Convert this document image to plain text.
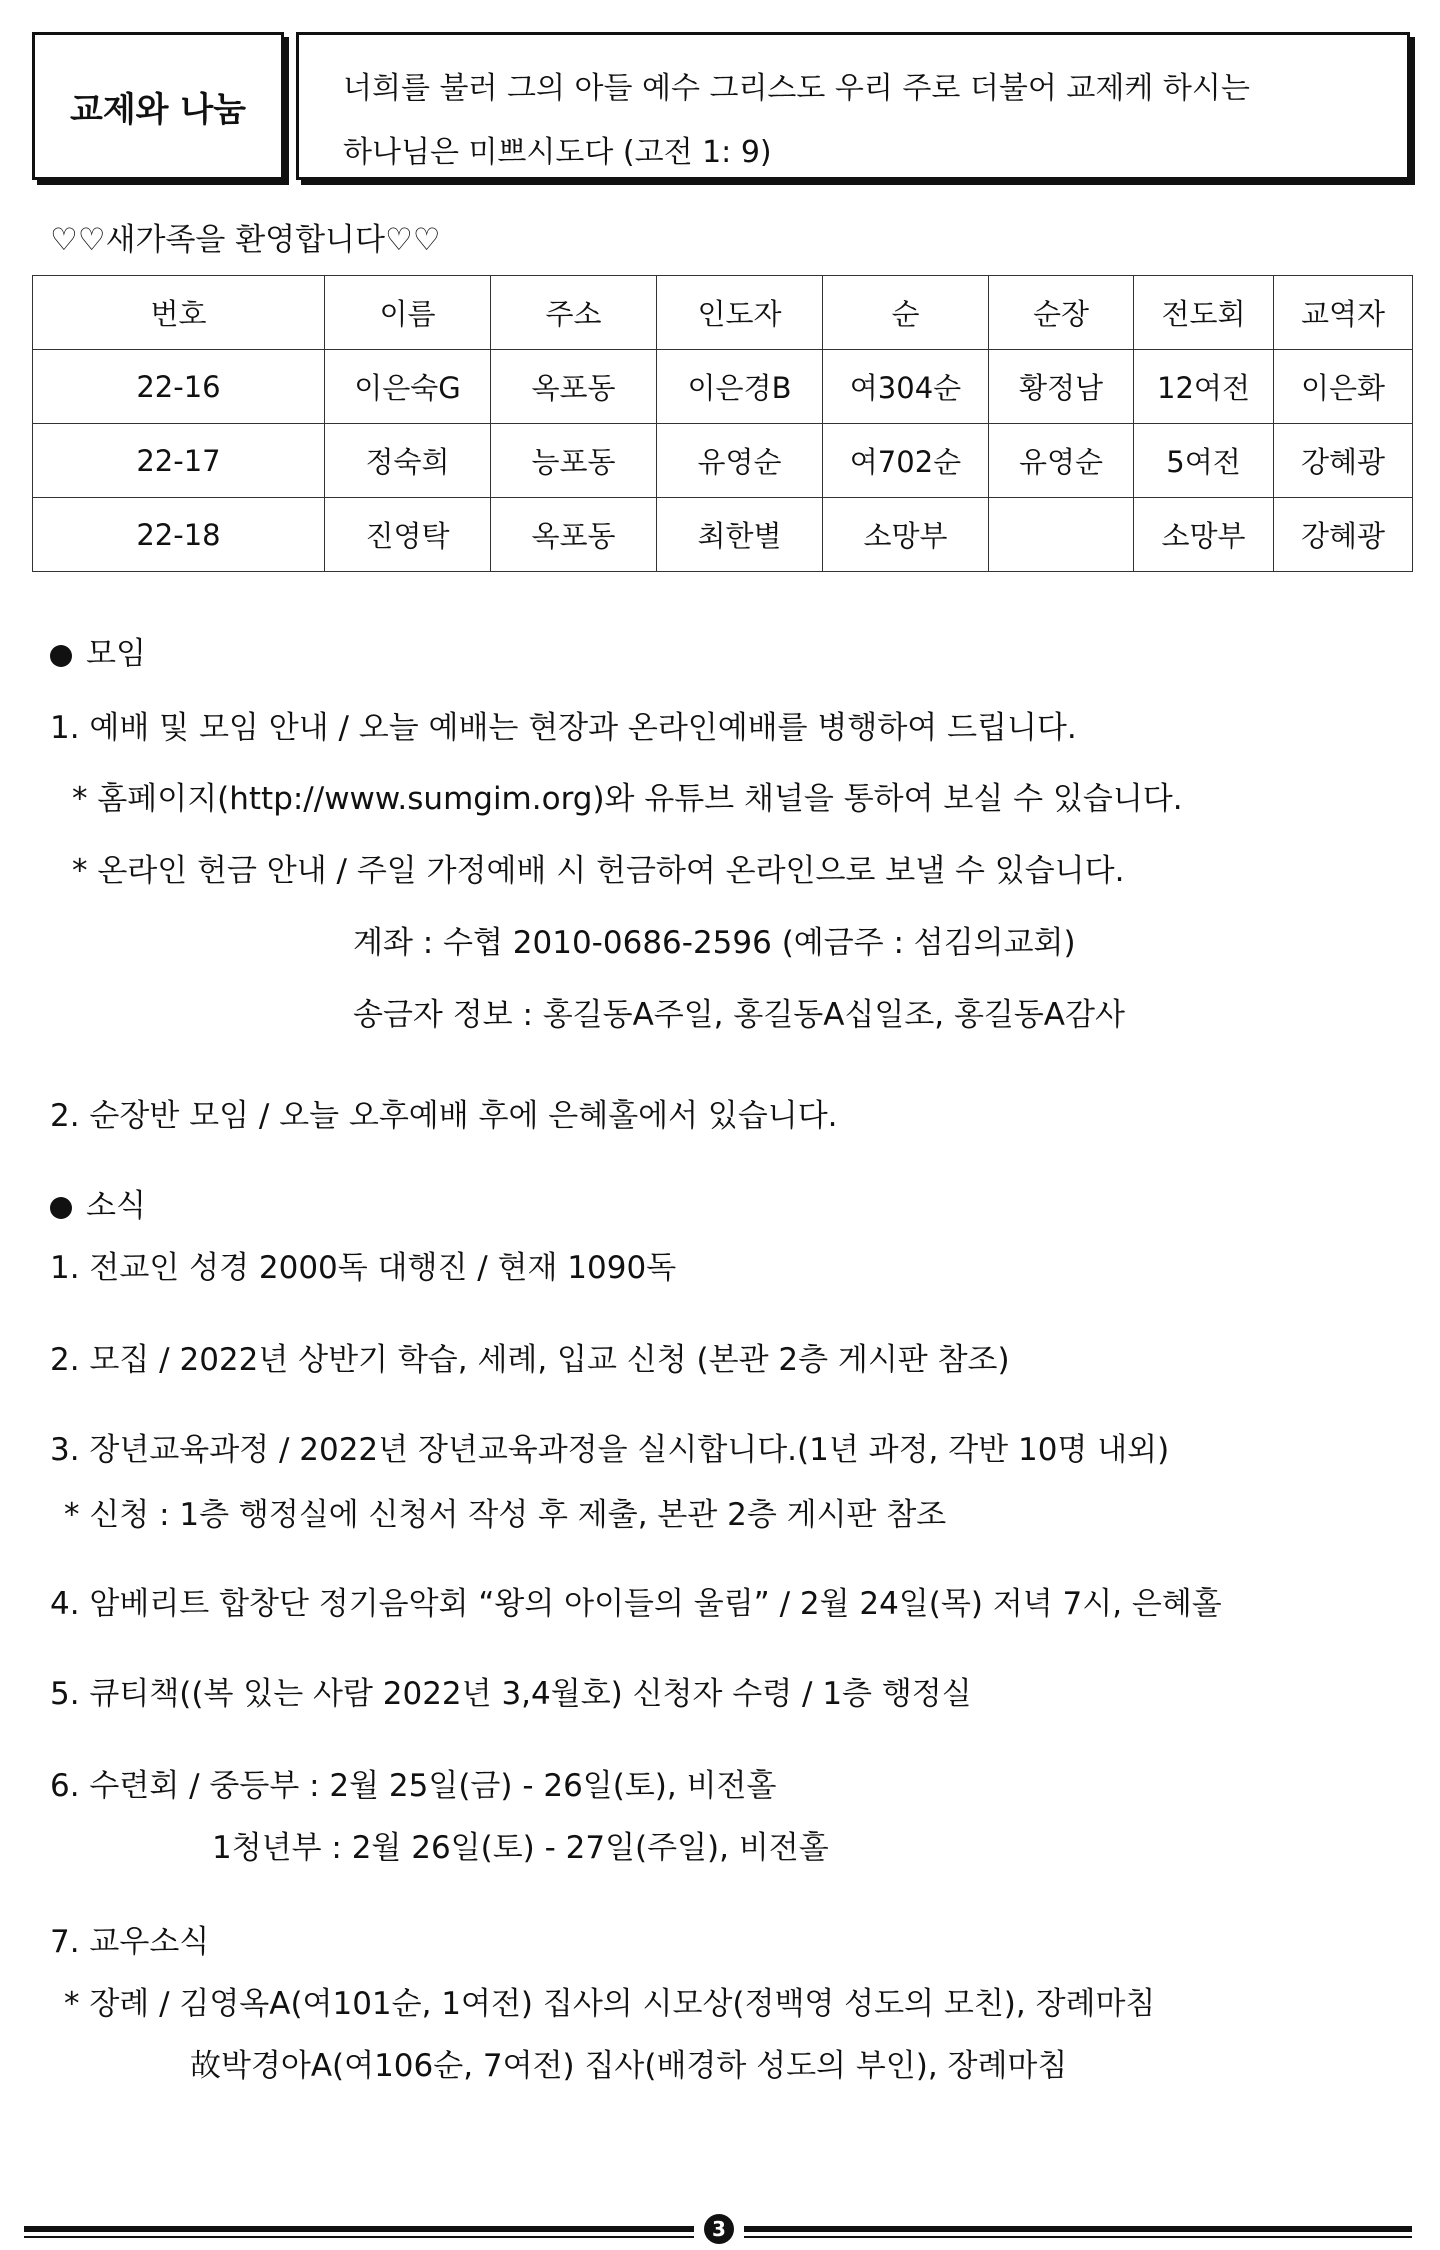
교제와 나눔
너희를 불러 그의 아들 예수 그리스도 우리 주로 더불어 교제케 하시는
하나님은 미쁘시도다 (고전 1: 9)
♡♡새가족을 환영합니다♡♡
번호	이름	주소	인도자	순	순장	전도회	교역자
22-16	이은숙G	옥포동	이은경B	여304순	황정남	12여전	이은화
22-17	정숙희	능포동	유영순	여702순	유영순	5여전	강혜광
22-18	진영탁	옥포동	최한별	소망부		소망부	강혜광
모임
1. 예배 및 모임 안내 / 오늘 예배는 현장과 온라인예배를 병행하여 드립니다.
* 홈페이지(http://www.sumgim.org)와 유튜브 채널을 통하여 보실 수 있습니다.
* 온라인 헌금 안내 / 주일 가정예배 시 헌금하여 온라인으로 보낼 수 있습니다.
계좌 : 수협 2010-0686-2596 (예금주 : 섬김의교회)
송금자 정보 : 홍길동A주일, 홍길동A십일조, 홍길동A감사
2. 순장반 모임 / 오늘 오후예배 후에 은혜홀에서 있습니다.
소식
1. 전교인 성경 2000독 대행진 / 현재 1090독
2. 모집 / 2022년 상반기 학습, 세례, 입교 신청 (본관 2층 게시판 참조)
3. 장년교육과정 / 2022년 장년교육과정을 실시합니다.(1년 과정, 각반 10명 내외)
* 신청 : 1층 행정실에 신청서 작성 후 제출, 본관 2층 게시판 참조
4. 암베리트 합창단 정기음악회 “왕의 아이들의 울림” / 2월 24일(목) 저녁 7시, 은혜홀
5. 큐티책((복 있는 사람 2022년 3,4월호) 신청자 수령 / 1층 행정실
6. 수련회 / 중등부 : 2월 25일(금) - 26일(토), 비전홀
1청년부 : 2월 26일(토) - 27일(주일), 비전홀
7. 교우소식
* 장례 / 김영옥A(여101순, 1여전) 집사의 시모상(정백영 성도의 모친), 장례마침
故박경아A(여106순, 7여전) 집사(배경하 성도의 부인), 장례마침
3
